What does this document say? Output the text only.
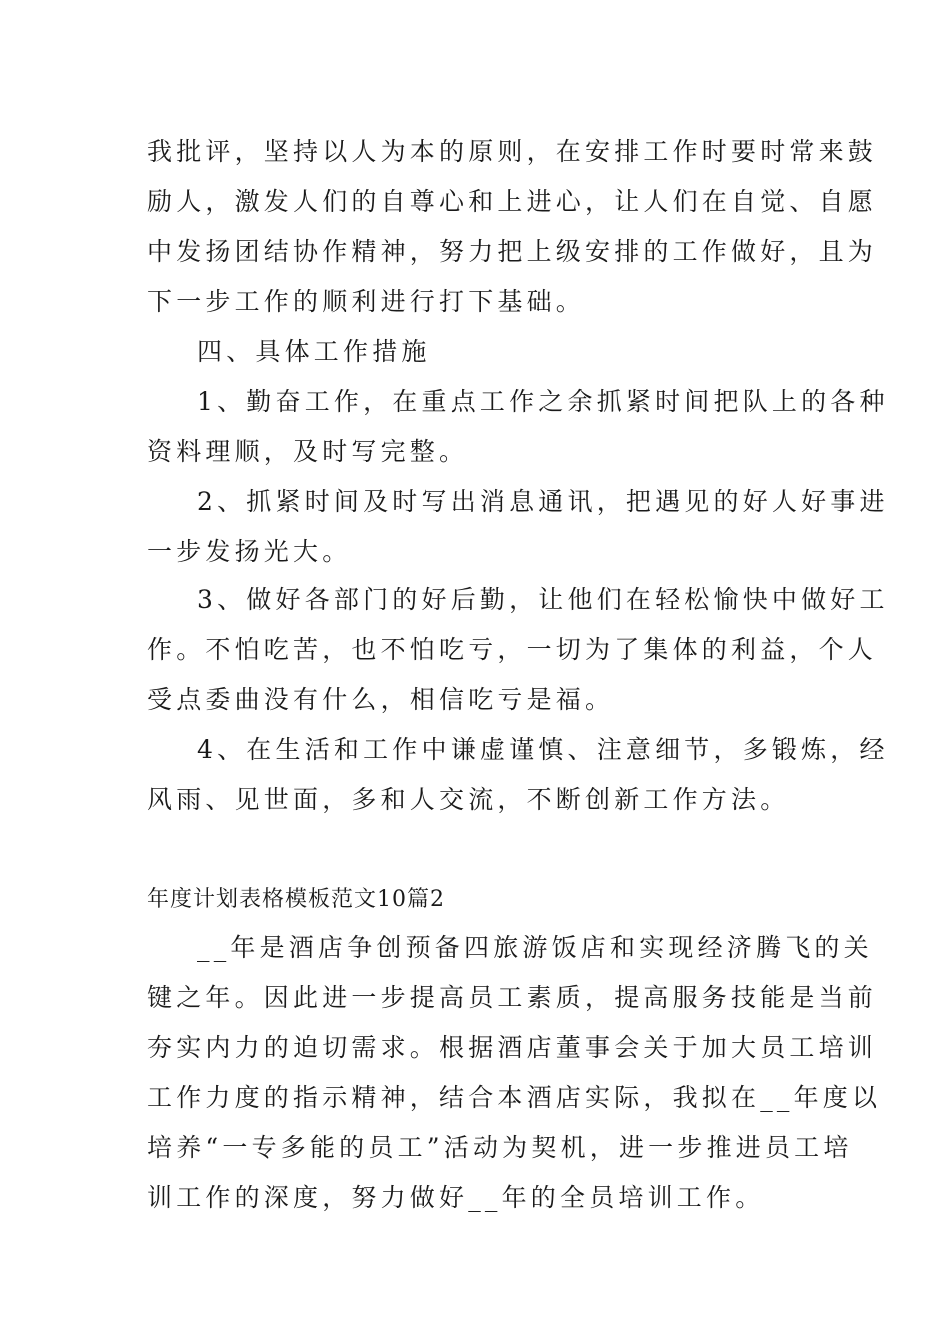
我批评，坚持以人为本的原则，在安排工作时要时常来鼓
励人，激发人们的自尊心和上进心，让人们在自觉、自愿
中发扬团结协作精神，努力把上级安排的工作做好，且为
下一步工作的顺利进行打下基础。
四、具体工作措施
1、勤奋工作，在重点工作之余抓紧时间把队上的各种
资料理顺，及时写完整。
2、抓紧时间及时写出消息通讯，把遇见的好人好事进
一步发扬光大。
3、做好各部门的好后勤，让他们在轻松愉快中做好工
作。不怕吃苦，也不怕吃亏，一切为了集体的利益，个人
受点委曲没有什么，相信吃亏是福。
4、在生活和工作中谦虚谨慎、注意细节，多锻炼，经
风雨、见世面，多和人交流，不断创新工作方法。
年度计划表格模板范文10篇2
__年是酒店争创预备四旅游饭店和实现经济腾飞的关
键之年。因此进一步提高员工素质，提高服务技能是当前
夯实内力的迫切需求。根据酒店董事会关于加大员工培训
工作力度的指示精神，结合本酒店实际，我拟在__年度以
培养“一专多能的员工”活动为契机，进一步推进员工培
训工作的深度，努力做好__年的全员培训工作。
